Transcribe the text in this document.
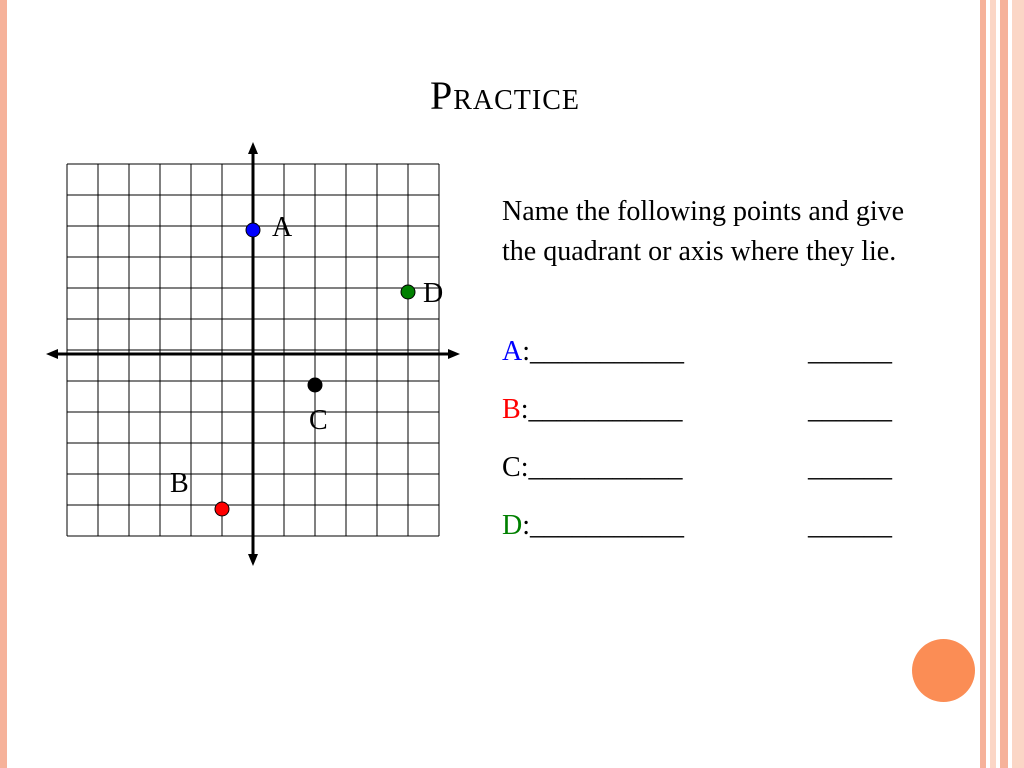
Practice
A
B
C
D
Name the following points and give the quadrant or axis where they lie.
A:___________	______
B:___________	______
C:___________	______
D:___________	______
